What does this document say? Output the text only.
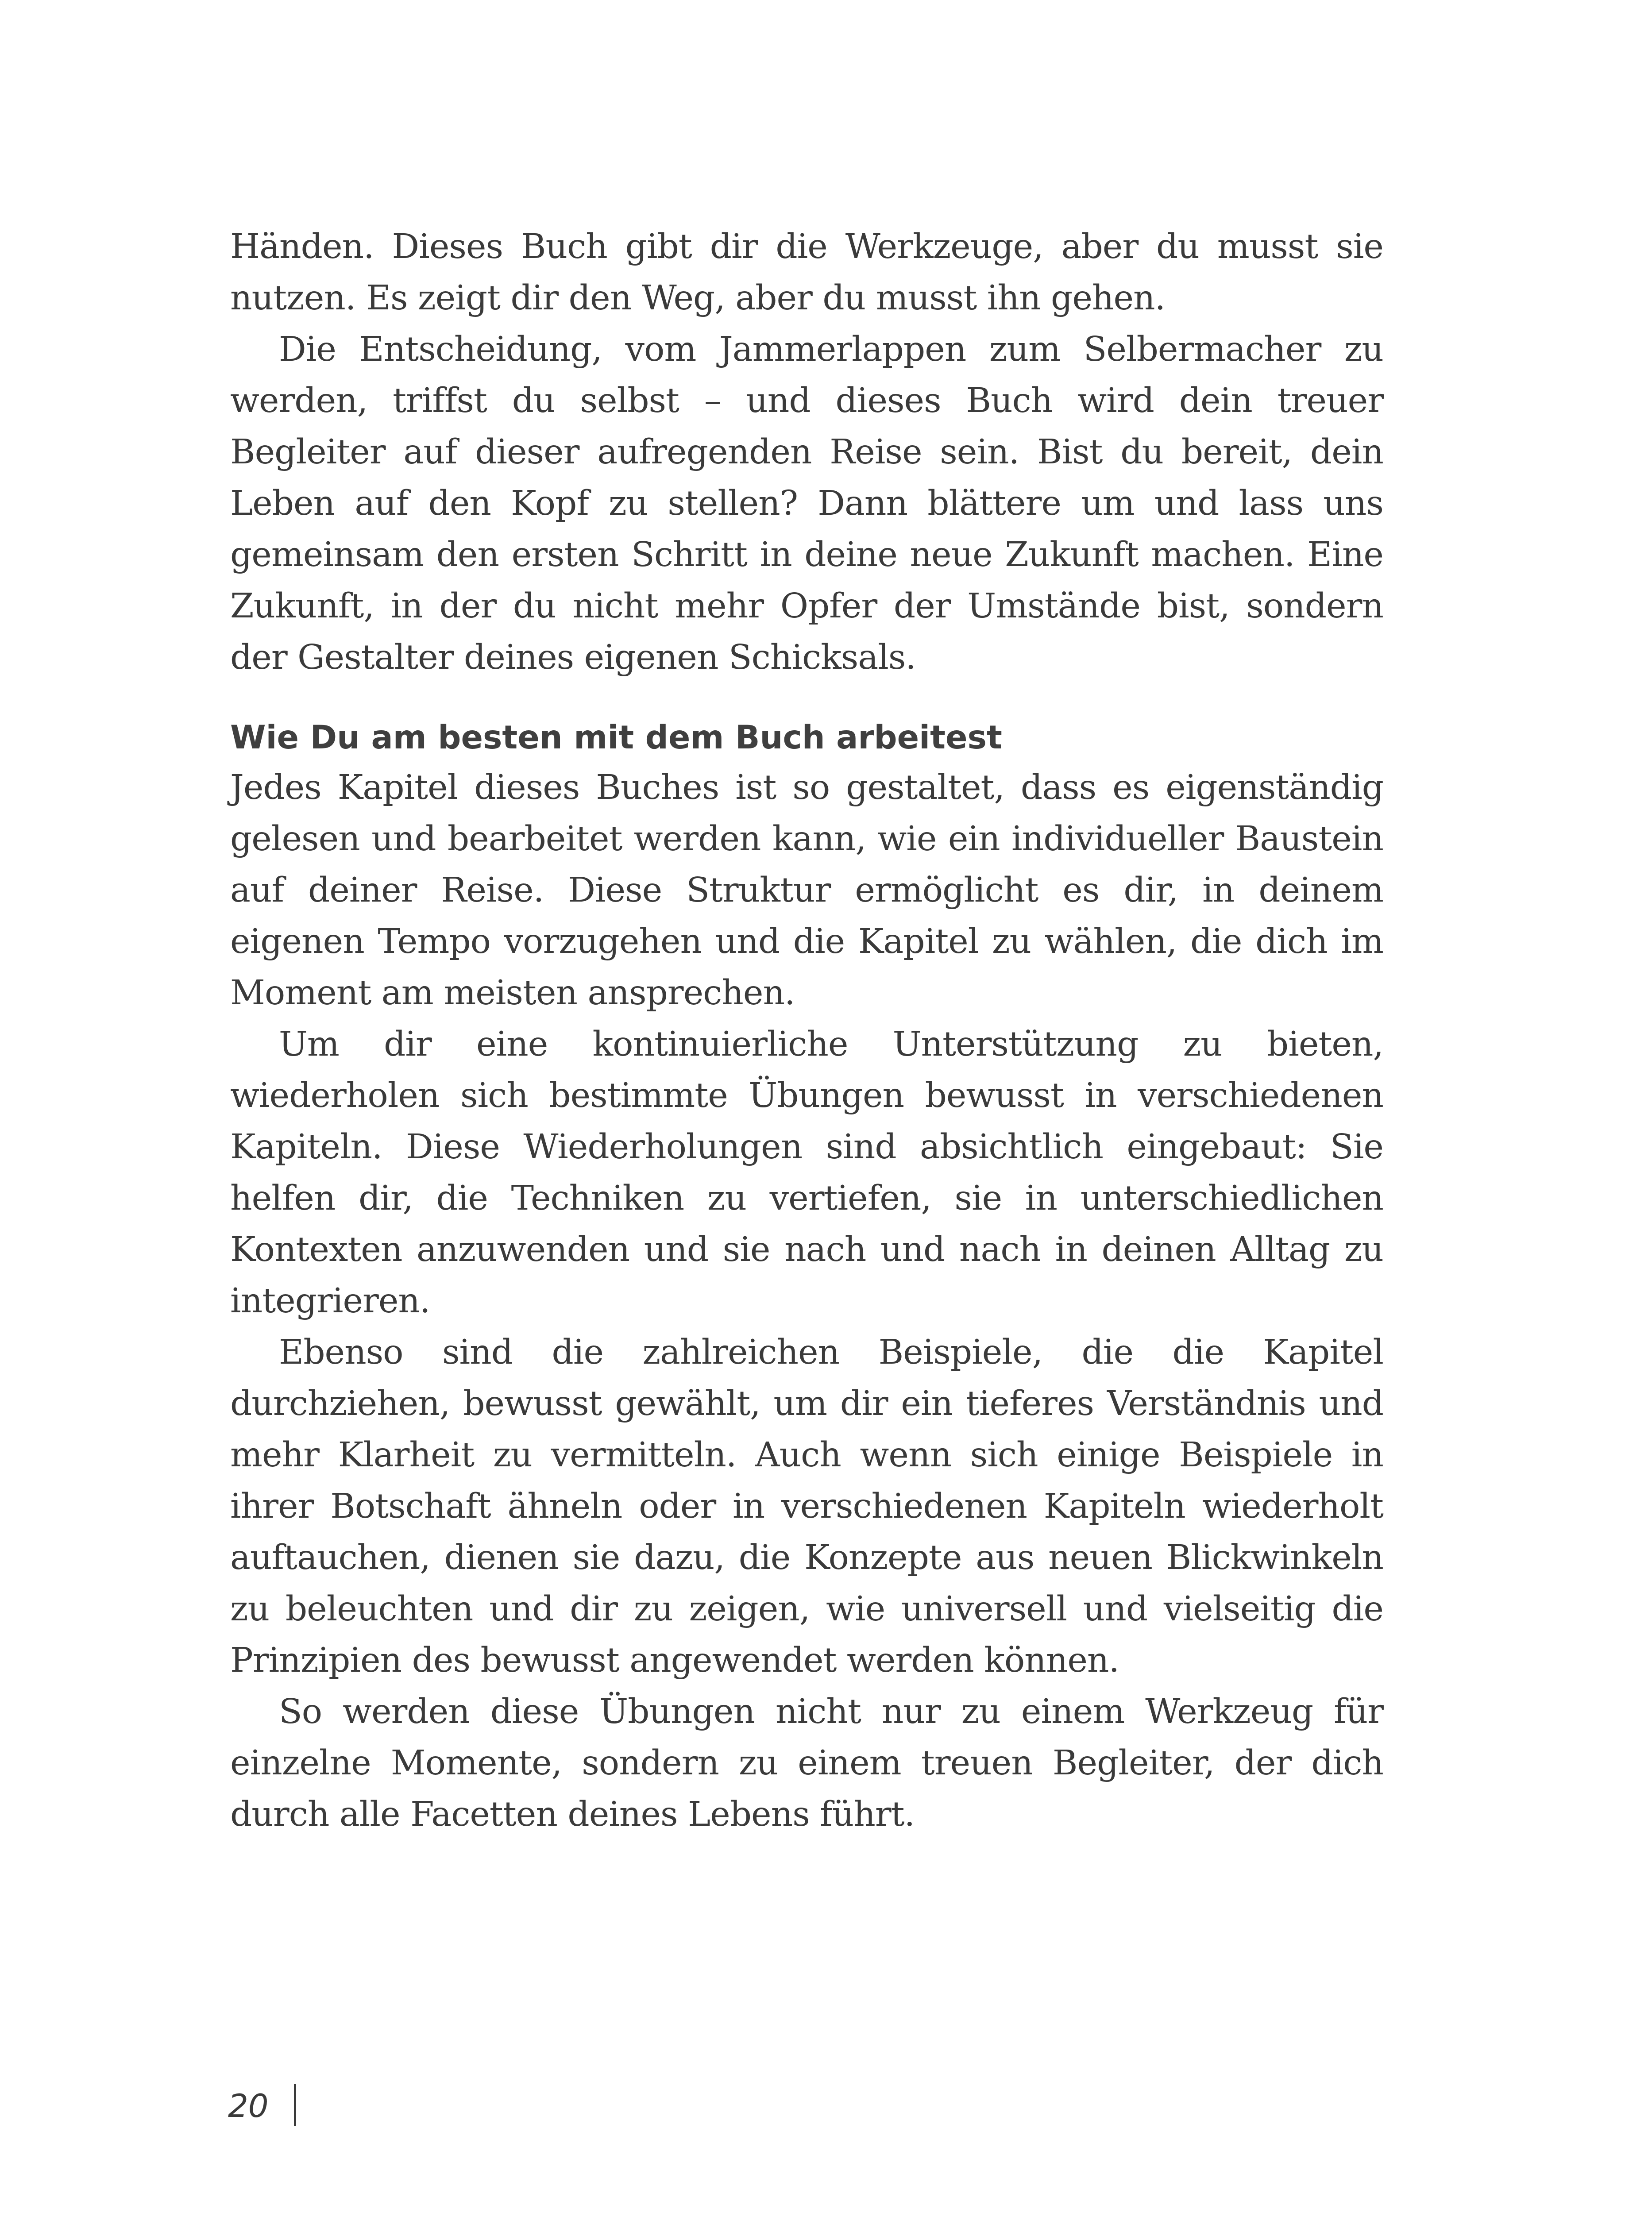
Händen. Dieses Buch gibt dir die Werkzeuge, aber du musst sie nutzen. Es zeigt dir den Weg, aber du musst ihn gehen.

Die Entscheidung, vom Jammerlappen zum Selbermacher zu werden, triffst du selbst – und dieses Buch wird dein treuer Begleiter auf dieser aufregenden Reise sein. Bist du bereit, dein Leben auf den Kopf zu stellen? Dann blättere um und lass uns gemeinsam den ersten Schritt in deine neue Zukunft machen. Eine Zukunft, in der du nicht mehr Opfer der Umstände bist, sondern der Gestalter deines eigenen Schicksals.

Wie Du am besten mit dem Buch arbeitest

Jedes Kapitel dieses Buches ist so gestaltet, dass es eigenständig gelesen und bearbeitet werden kann, wie ein individueller Baustein auf deiner Reise. Diese Struktur ermöglicht es dir, in deinem eigenen Tempo vorzugehen und die Kapitel zu wählen, die dich im Moment am meisten ansprechen.

Um dir eine kontinuierliche Unterstützung zu bieten, wiederholen sich bestimmte Übungen bewusst in verschiedenen Kapiteln. Diese Wiederholungen sind absichtlich eingebaut: Sie helfen dir, die Techniken zu vertiefen, sie in unterschiedlichen Kontexten anzuwenden und sie nach und nach in deinen Alltag zu integrieren.

Ebenso sind die zahlreichen Beispiele, die die Kapitel durchziehen, bewusst gewählt, um dir ein tieferes Verständnis und mehr Klarheit zu vermitteln. Auch wenn sich einige Beispiele in ihrer Botschaft ähneln oder in verschiedenen Kapiteln wiederholt auftauchen, dienen sie dazu, die Konzepte aus neuen Blickwinkeln zu beleuchten und dir zu zeigen, wie universell und vielseitig die Prinzipien des bewusst angewendet werden können.

So werden diese Übungen nicht nur zu einem Werkzeug für einzelne Momente, sondern zu einem treuen Begleiter, der dich durch alle Facetten deines Lebens führt.

20
